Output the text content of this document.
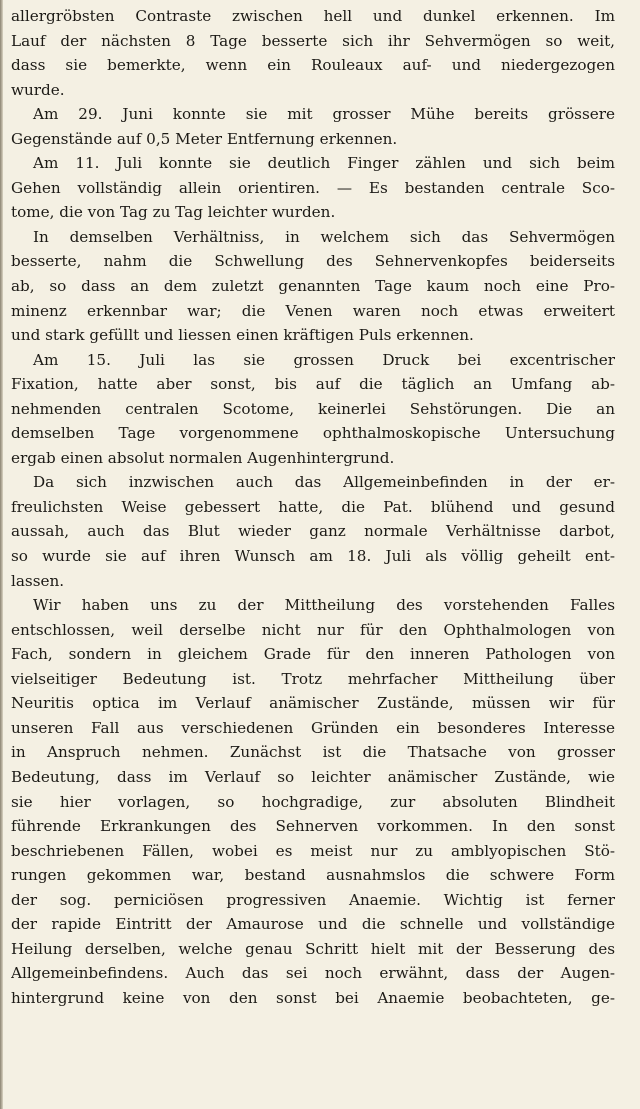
allergröbsten Contraste zwischen hell und dunkel erkennen. Im
Lauf der nächsten 8 Tage besserte sich ihr Sehvermögen so weit,
dass sie bemerkte, wenn ein Rouleaux auf- und niedergezogen
wurde.
Am 29. Juni konnte sie mit grosser Mühe bereits grössere
Gegenstände auf 0,5 Meter Entfernung erkennen.
Am 11. Juli konnte sie deutlich Finger zählen und sich beim
Gehen vollständig allein orientiren. — Es bestanden centrale Sco-
tome, die von Tag zu Tag leichter wurden.
In demselben Verhältniss, in welchem sich das Sehvermögen
besserte, nahm die Schwellung des Sehnervenkopfes beiderseits
ab, so dass an dem zuletzt genannten Tage kaum noch eine Pro-
minenz erkennbar war; die Venen waren noch etwas erweitert
und stark gefüllt und liessen einen kräftigen Puls erkennen.
Am 15. Juli las sie grossen Druck bei excentrischer
Fixation, hatte aber sonst, bis auf die täglich an Umfang ab-
nehmenden centralen Scotome, keinerlei Sehstörungen. Die an
demselben Tage vorgenommene ophthalmoskopische Untersuchung
ergab einen absolut normalen Augenhintergrund.
Da sich inzwischen auch das Allgemeinbefinden in der er-
freulichsten Weise gebessert hatte, die Pat. blühend und gesund
aussah, auch das Blut wieder ganz normale Verhältnisse darbot,
so wurde sie auf ihren Wunsch am 18. Juli als völlig geheilt ent-
lassen.
Wir haben uns zu der Mittheilung des vorstehenden Falles
entschlossen, weil derselbe nicht nur für den Ophthalmologen von
Fach, sondern in gleichem Grade für den inneren Pathologen von
vielseitiger Bedeutung ist. Trotz mehrfacher Mittheilung über
Neuritis optica im Verlauf anämischer Zustände, müssen wir für
unseren Fall aus verschiedenen Gründen ein besonderes Interesse
in Anspruch nehmen. Zunächst ist die Thatsache von grosser
Bedeutung, dass im Verlauf so leichter anämischer Zustände, wie
sie hier vorlagen, so hochgradige, zur absoluten Blindheit
führende Erkrankungen des Sehnerven vorkommen. In den sonst
beschriebenen Fällen, wobei es meist nur zu amblyopischen Stö-
rungen gekommen war, bestand ausnahmslos die schwere Form
der sog. perniciösen progressiven Anaemie. Wichtig ist ferner
der rapide Eintritt der Amaurose und die schnelle und vollständige
Heilung derselben, welche genau Schritt hielt mit der Besserung des
Allgemeinbefindens. Auch das sei noch erwähnt, dass der Augen-
hintergrund keine von den sonst bei Anaemie beobachteten, ge-
